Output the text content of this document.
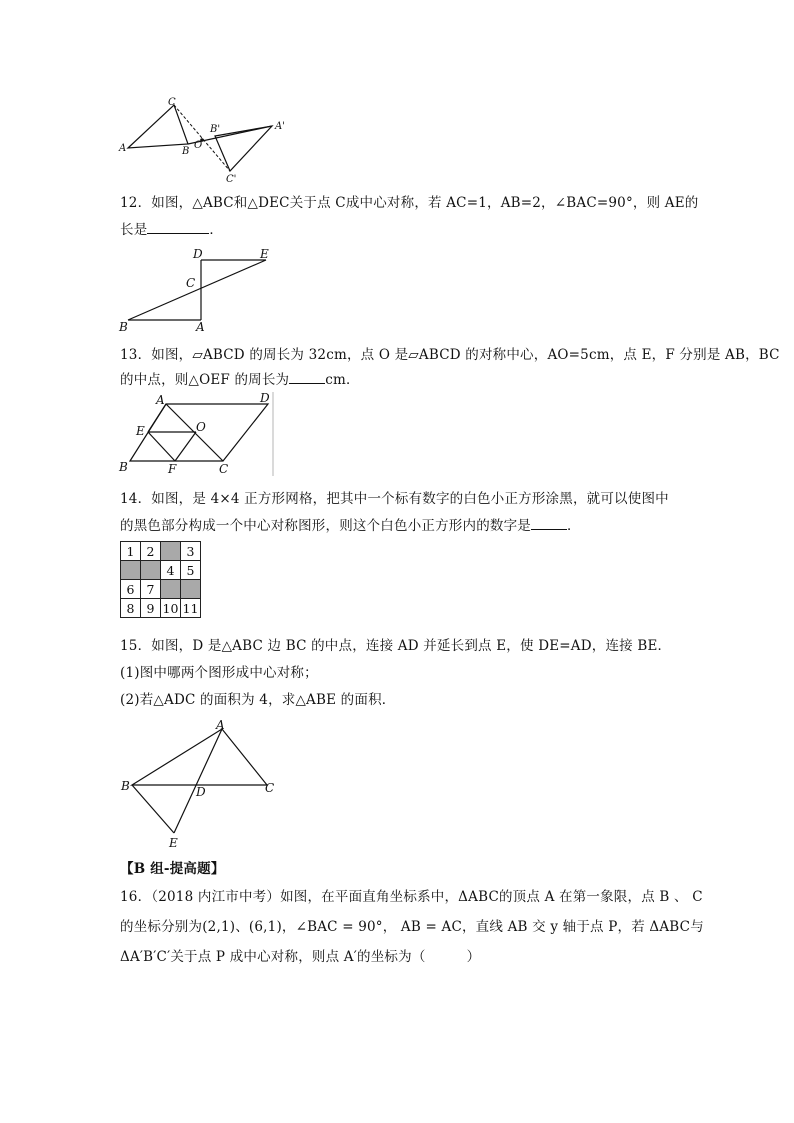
C
A	B
O
B'	A'
C'
12．如图，△ABC和△DEC关于点 C成中心对称，若 AC=1，AB=2，∠BAC=90°，则 AE的
长是	．
D	E
C
B	A
13．如图，▱ABCD 的周长为 32cm，点 O 是▱ABCD 的对称中心，AO=5cm，点 E，F 分别是 AB，BC
的中点，则△OEF 的周长为	cm．
A	D
E	O
B	F	C
14．如图，是 4×4 正方形网格，把其中一个标有数字的白色小正方形涂黑，就可以使图中
的黑色部分构成一个中心对称图形，则这个白色小正方形内的数字是	．
1	2		3
		4	5
6	7		
8	9	10	11
15．如图，D 是△ABC 边 BC 的中点，连接 AD 并延长到点 E，使 DE=AD，连接 BE．
(1)图中哪两个图形成中心对称；
(2)若△ADC 的面积为 4，求△ABE 的面积．
A
B	D	C
E
【B 组-提高题】
16．（2018 内江市中考）如图，在平面直角坐标系中，ΔABC的顶点 A 在第一象限，点 B 、 C
的坐标分别为(2,1)、(6,1)，∠BAC = 90°， AB = AC，直线 AB 交 y 轴于点 P，若 ΔABC与
ΔA′B′C′关于点 P 成中心对称，则点 A′的坐标为（　　　）
